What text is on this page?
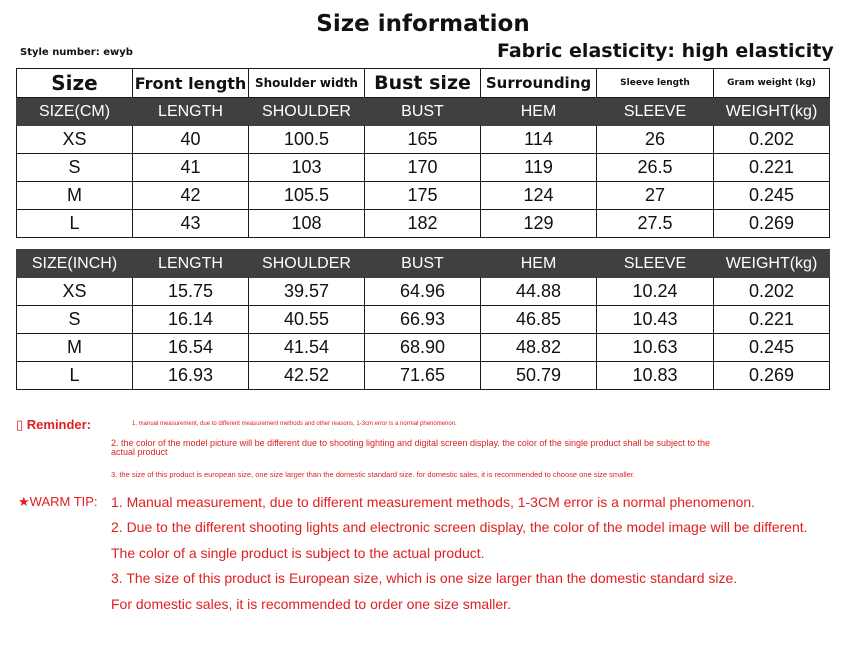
Size information
Style number: ewyb	Fabric elasticity: high elasticity
Size	Front length	Shoulder width	Bust size	Surrounding	Sleeve length	Gram weight (kg)
SIZE(CM)	LENGTH	SHOULDER	BUST	HEM	SLEEVE	WEIGHT(kg)
XS	40	100.5	165	114	26	0.202
S	41	103	170	119	26.5	0.221
M	42	105.5	175	124	27	0.245
L	43	108	182	129	27.5	0.269
SIZE(INCH)	LENGTH	SHOULDER	BUST	HEM	SLEEVE	WEIGHT(kg)
XS	15.75	39.57	64.96	44.88	10.24	0.202
S	16.14	40.55	66.93	46.85	10.43	0.221
M	16.54	41.54	68.90	48.82	10.63	0.245
L	16.93	42.52	71.65	50.79	10.83	0.269
▯ Reminder:	1. manual measurement, due to different measurement methods and other reasons, 1-3cm error is a normal phenomenon.
2. the color of the model picture will be different due to shooting lighting and digital screen display. the color of the single product shall be subject to the actual product
3. the size of this product is european size, one size larger than the domestic standard size. for domestic sales, it is recommended to choose one size smaller.
★WARM TIP: 1. Manual measurement, due to different measurement methods, 1-3CM error is a normal phenomenon.
2. Due to the different shooting lights and electronic screen display, the color of the model image will be different.
The color of a single product is subject to the actual product.
3. The size of this product is European size, which is one size larger than the domestic standard size.
For domestic sales, it is recommended to order one size smaller.
